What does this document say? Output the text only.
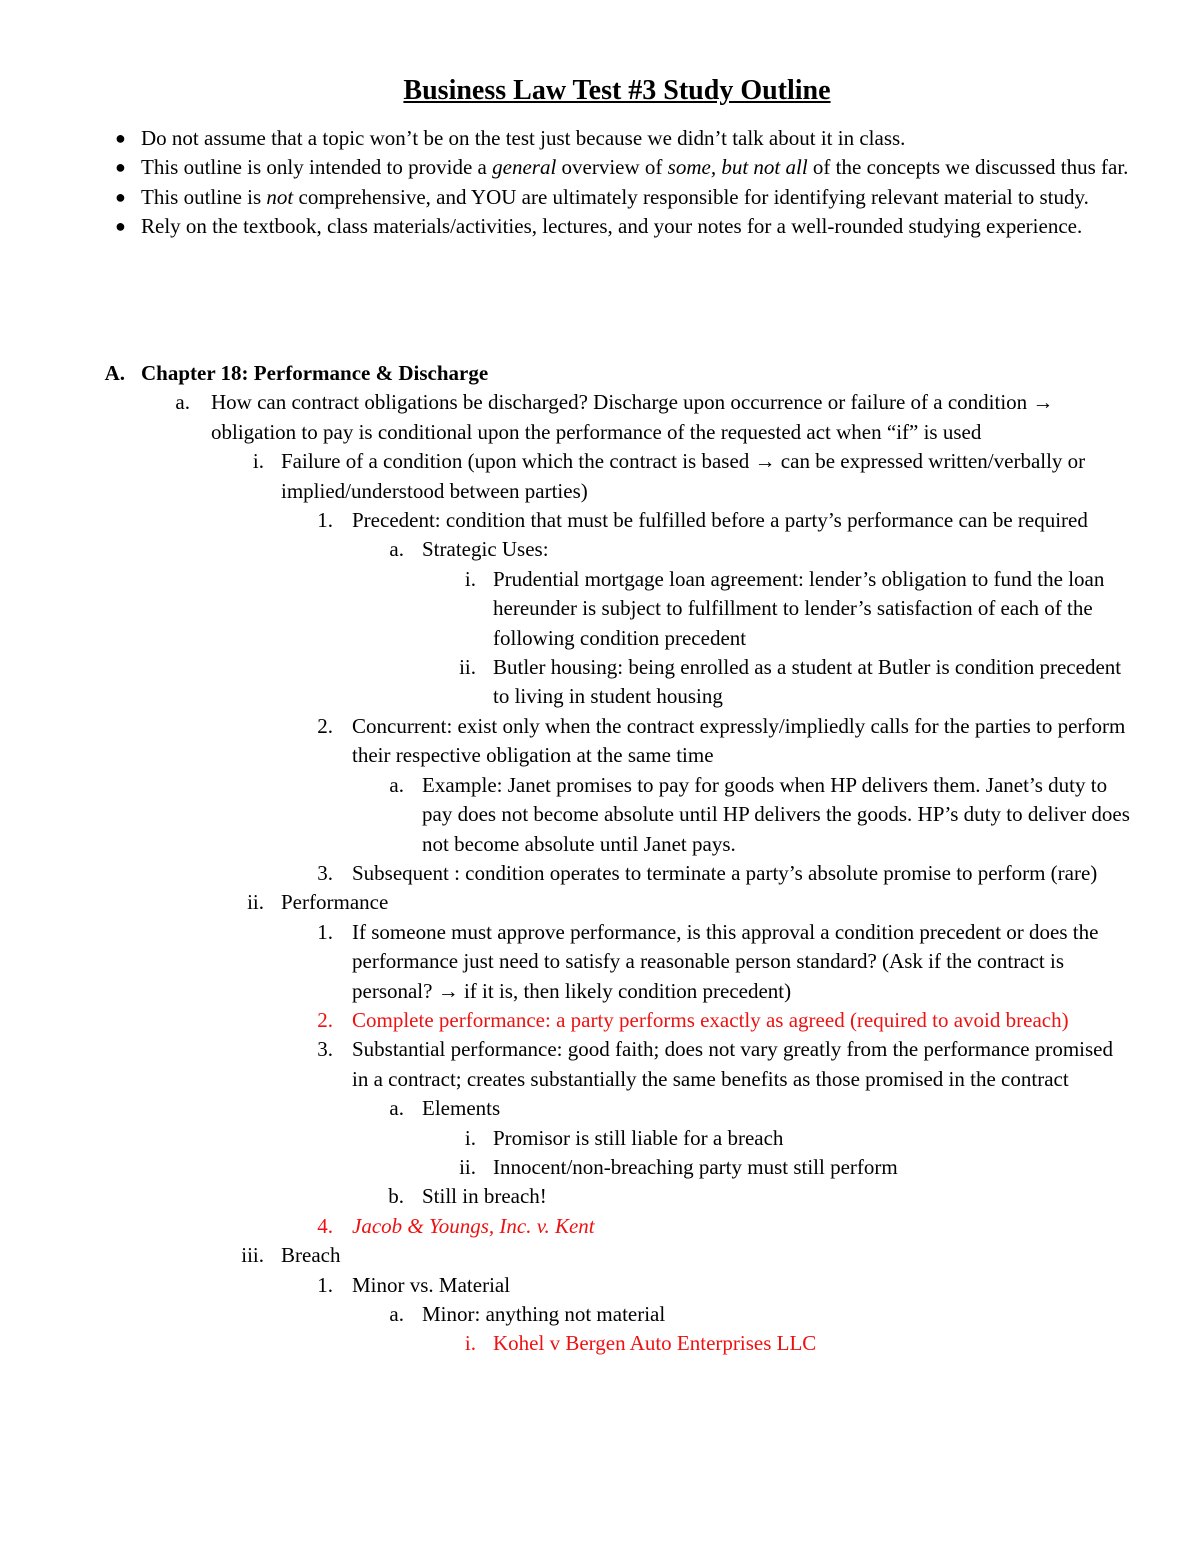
Business Law Test #3 Study Outline
● Do not assume that a topic won’t be on the test just because we didn’t talk about it in class.
● This outline is only intended to provide a general overview of some, but not all of the concepts we discussed thus far.
● This outline is not comprehensive, and YOU are ultimately responsible for identifying relevant material to study.
● Rely on the textbook, class materials/activities, lectures, and your notes for a well-rounded studying experience.
A. Chapter 18: Performance & Discharge
a. How can contract obligations be discharged? Discharge upon occurrence or failure of a condition → obligation to pay is conditional upon the performance of the requested act when “if” is used
i. Failure of a condition (upon which the contract is based → can be expressed written/verbally or implied/understood between parties)
1. Precedent: condition that must be fulfilled before a party’s performance can be required
a. Strategic Uses:
i. Prudential mortgage loan agreement: lender’s obligation to fund the loan hereunder is subject to fulfillment to lender’s satisfaction of each of the following condition precedent
ii. Butler housing: being enrolled as a student at Butler is condition precedent to living in student housing
2. Concurrent: exist only when the contract expressly/impliedly calls for the parties to perform their respective obligation at the same time
a. Example: Janet promises to pay for goods when HP delivers them. Janet’s duty to pay does not become absolute until HP delivers the goods. HP’s duty to deliver does not become absolute until Janet pays.
3. Subsequent : condition operates to terminate a party’s absolute promise to perform (rare)
ii. Performance
1. If someone must approve performance, is this approval a condition precedent or does the performance just need to satisfy a reasonable person standard? (Ask if the contract is personal? → if it is, then likely condition precedent)
2. Complete performance: a party performs exactly as agreed (required to avoid breach)
3. Substantial performance: good faith; does not vary greatly from the performance promised in a contract; creates substantially the same benefits as those promised in the contract
a. Elements
i. Promisor is still liable for a breach
ii. Innocent/non-breaching party must still perform
b. Still in breach!
4. Jacob & Youngs, Inc. v. Kent
iii. Breach
1. Minor vs. Material
a. Minor: anything not material
i. Kohel v Bergen Auto Enterprises LLC
